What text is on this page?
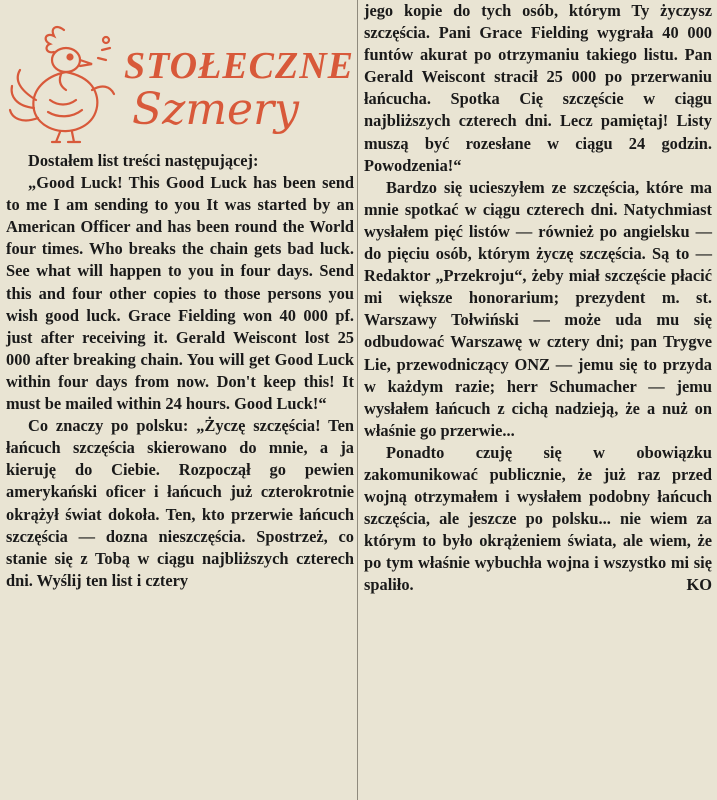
STOŁECZNE
Szmery

Dostałem list treści następującej:

„Good Luck! This Good Luck has been send to me I am sending to you It was started by an American Officer and has been round the World four times. Who breaks the chain gets bad luck. See what will happen to you in four days. Send this and four other copies to those persons you wish good luck. Grace Fielding won 40 000 pf. just after receiving it. Gerald Weiscont lost 25 000 after breaking chain. You will get Good Luck within four days from now. Don't keep this! It must be mailed within 24 hours. Good Luck!“

Co znaczy po polsku: „Życzę szczęścia! Ten łańcuch szczęścia skierowano do mnie, a ja kieruję do Ciebie. Rozpoczął go pewien amerykański oficer i łańcuch już czterokrotnie okrążył świat dokoła. Ten, kto przerwie łańcuch szczęścia — dozna nieszczęścia. Spostrzeż, co stanie się z Tobą w ciągu najbliższych czterech dni. Wyślij ten list i cztery

jego kopie do tych osób, którym Ty życzysz szczęścia. Pani Grace Fielding wygrała 40 000 funtów akurat po otrzymaniu takiego listu. Pan Gerald Weiscont stracił 25 000 po przerwaniu łańcucha. Spotka Cię szczęście w ciągu najbliższych czterech dni. Lecz pamiętaj! Listy muszą być rozesłane w ciągu 24 godzin. Powodzenia!“

Bardzo się ucieszyłem ze szczęścia, które ma mnie spotkać w ciągu czterech dni. Natychmiast wysłałem pięć listów — również po angielsku — do pięciu osób, którym życzę szczęścia. Są to — Redaktor „Przekroju“, żeby miał szczęście płacić mi większe honorarium; prezydent m. st. Warszawy Tołwiński — może uda mu się odbudować Warszawę w cztery dni; pan Trygve Lie, przewodniczący ONZ — jemu się to przyda w każdym razie; herr Schumacher — jemu wysłałem łańcuch z cichą nadzieją, że a nuż on właśnie go przerwie...

Ponadto czuję się w obowiązku zakomunikować publicznie, że już raz przed wojną otrzymałem i wysłałem podobny łańcuch szczęścia, ale jeszcze po polsku... nie wiem za którym to było okrążeniem świata, ale wiem, że po tym właśnie wybuchła wojna i wszystko mi się spaliło.	KO
